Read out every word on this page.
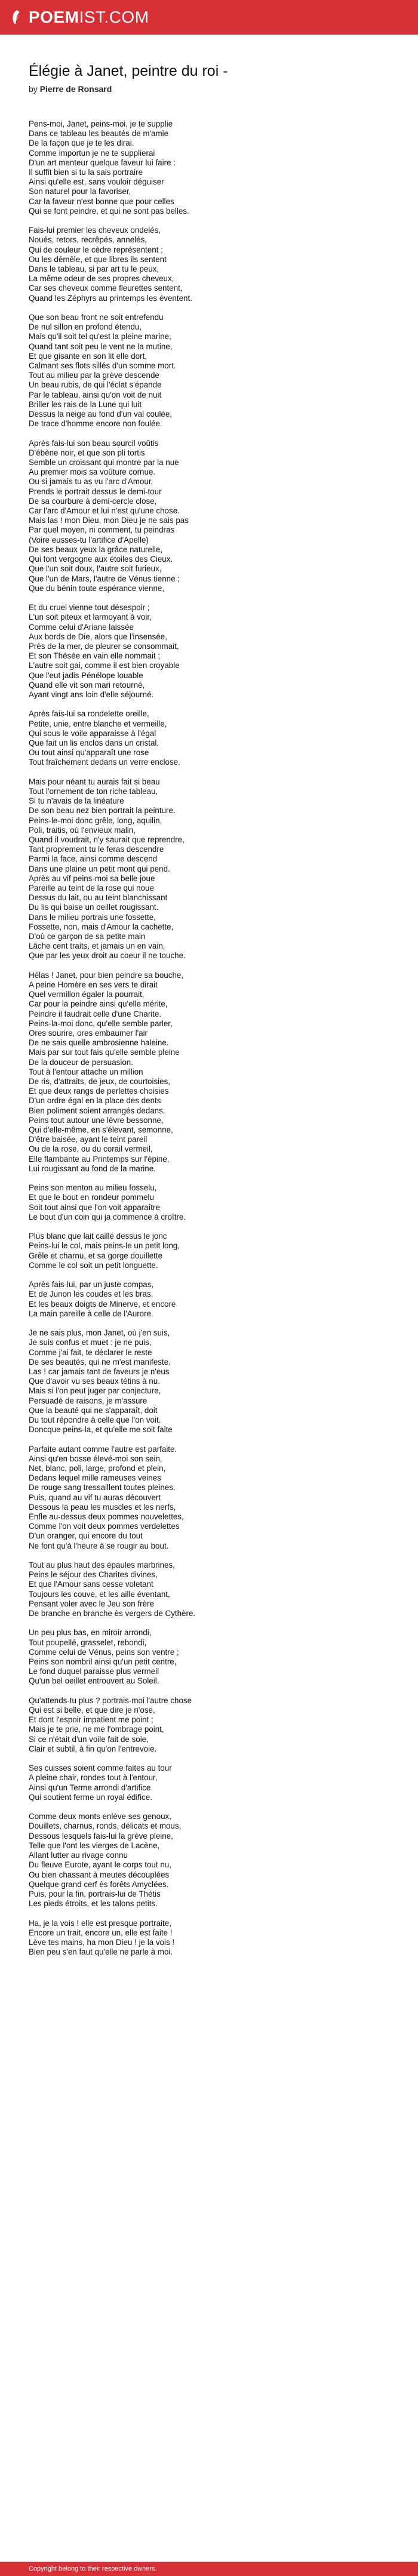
POEMIST.COM
Élégie à Janet, peintre du roi -
by Pierre de Ronsard
Pens-moi, Janet, peins-moi, je te supplie
Dans ce tableau les beautés de m'amie
De la façon que je te les dirai.
Comme importun je ne te supplierai
D'un art menteur quelque faveur lui faire :
Il suffit bien si tu la sais portraire
Ainsi qu'elle est, sans vouloir déguiser
Son naturel pour la favoriser,
Car la faveur n'est bonne que pour celles
Qui se font peindre, et qui ne sont pas belles.
Fais-lui premier les cheveux ondelés,
Noués, retors, recrêpés, annelés,
Qui de couleur le cèdre représentent ;
Ou les démêle, et que libres ils sentent
Dans le tableau, si par art tu le peux,
La même odeur de ses propres cheveux,
Car ses cheveux comme fleurettes sentent,
Quand les Zéphyrs au printemps les éventent.
Que son beau front ne soit entrefendu
De nul sillon en profond étendu,
Mais qu'il soit tel qu'est la pleine marine,
Quand tant soit peu le vent ne la mutine,
Et que gisante en son lit elle dort,
Calmant ses flots sillés d'un somme mort.
Tout au milieu par la grève descende
Un beau rubis, de qui l'éclat s'épande
Par le tableau, ainsi qu'on voit de nuit
Briller les rais de la Lune qui luit
Dessus la neige au fond d'un val coulée,
De trace d'homme encore non foulée.
Après fais-lui son beau sourcil voûtis
D'ébène noir, et que son pli tortis
Semble un croissant qui montre par la nue
Au premier mois sa voûture cornue.
Ou si jamais tu as vu l'arc d'Amour,
Prends le portrait dessus le demi-tour
De sa courbure à demi-cercle close,
Car l'arc d'Amour et lui n'est qu'une chose.
Mais las ! mon Dieu, mon Dieu je ne sais pas
Par quel moyen, ni comment, tu peindras
(Voire eusses-tu l'artifice d'Apelle)
De ses beaux yeux la grâce naturelle,
Qui font vergogne aux étoiles des Cieux.
Que l'un soit doux, l'autre soit furieux,
Que l'un de Mars, l'autre de Vénus tienne ;
Que du bénin toute espérance vienne,
Et du cruel vienne tout désespoir ;
L'un soit piteux et larmoyant à voir,
Comme celui d'Ariane laissée
Aux bords de Die, alors que l'insensée,
Près de la mer, de pleurer se consommait,
Et son Thésée en vain elle nommait ;
L'autre soit gai, comme il est bien croyable
Que l'eut jadis Pénélope louable
Quand elle vit son mari retourné,
Ayant vingt ans loin d'elle séjourné.
Après fais-lui sa rondelette oreille,
Petite, unie, entre blanche et vermeille,
Qui sous le voile apparaisse à l'égal
Que fait un lis enclos dans un cristal,
Ou tout ainsi qu'apparaît une rose
Tout fraîchement dedans un verre enclose.
Mais pour néant tu aurais fait si beau
Tout l'ornement de ton riche tableau,
Si tu n'avais de la linéature
De son beau nez bien portrait la peinture.
Peins-le-moi donc grêle, long, aquilin,
Poli, traitis, où l'envieux malin,
Quand il voudrait, n'y saurait que reprendre,
Tant proprement tu le feras descendre
Parmi la face, ainsi comme descend
Dans une plaine un petit mont qui pend.
Après au vif peins-moi sa belle joue
Pareille au teint de la rose qui noue
Dessus du lait, ou au teint blanchissant
Du lis qui baise un oeillet rougissant.
Dans le milieu portrais une fossette,
Fossette, non, mais d'Amour la cachette,
D'où ce garçon de sa petite main
Lâche cent traits, et jamais un en vain,
Que par les yeux droit au coeur il ne touche.
Hélas ! Janet, pour bien peindre sa bouche,
A peine Homère en ses vers te dirait
Quel vermillon égaler la pourrait,
Car pour la peindre ainsi qu'elle mérite,
Peindre il faudrait celle d'une Charite.
Peins-la-moi donc, qu'elle semble parler,
Ores sourire, ores embaumer l'air
De ne sais quelle ambrosienne haleine.
Mais par sur tout fais qu'elle semble pleine
De la douceur de persuasion.
Tout à l'entour attache un million
De ris, d'attraits, de jeux, de courtoisies,
Et que deux rangs de perlettes choisies
D'un ordre égal en la place des dents
Bien poliment soient arrangés dedans.
Peins tout autour une lèvre bessonne,
Qui d'elle-même, en s'élevant, semonne,
D'être baisée, ayant le teint pareil
Ou de la rose, ou du corail vermeil,
Elle flambante au Printemps sur l'épine,
Lui rougissant au fond de la marine.
Peins son menton au milieu fosselu,
Et que le bout en rondeur pommelu
Soit tout ainsi que l'on voit apparaître
Le bout d'un coin qui ja commence à croître.
Plus blanc que lait caillé dessus le jonc
Peins-lui le col, mais peins-le un petit long,
Grêle et charnu, et sa gorge douillette
Comme le col soit un petit longuette.
Après fais-lui, par un juste compas,
Et de Junon les coudes et les bras,
Et les beaux doigts de Minerve, et encore
La main pareille à celle de l'Aurore.
Je ne sais plus, mon Janet, où j'en suis,
Je suis confus et muet : je ne puis,
Comme j'ai fait, te déclarer le reste
De ses beautés, qui ne m'est manifeste.
Las ! car jamais tant de faveurs je n'eus
Que d'avoir vu ses beaux tétins à nu.
Mais si l'on peut juger par conjecture,
Persuadé de raisons, je m'assure
Que la beauté qui ne s'apparaît, doit
Du tout répondre à celle que l'on voit.
Doncque peins-la, et qu'elle me soit faite
Parfaite autant comme l'autre est parfaite.
Ainsi qu'en bosse élevé-moi son sein,
Net, blanc, poli, large, profond et plein,
Dedans lequel mille rameuses veines
De rouge sang tressaillent toutes pleines.
Puis, quand au vif tu auras découvert
Dessous la peau les muscles et les nerfs,
Enfle au-dessus deux pommes nouvelettes,
Comme l'on voit deux pommes verdelettes
D'un oranger, qui encore du tout
Ne font qu'à l'heure à se rougir au bout.
Tout au plus haut des épaules marbrines,
Peins le séjour des Charites divines,
Et que l'Amour sans cesse voletant
Toujours les couve, et les aille éventant,
Pensant voler avec le Jeu son frère
De branche en branche ès vergers de Cythère.
Un peu plus bas, en miroir arrondi,
Tout poupellé, grasselet, rebondi,
Comme celui de Vénus, peins son ventre ;
Peins son nombril ainsi qu'un petit centre,
Le fond duquel paraisse plus vermeil
Qu'un bel oeillet entrouvert au Soleil.
Qu'attends-tu plus ? portrais-moi l'autre chose
Qui est si belle, et que dire je n'ose,
Et dont l'espoir impatient me point ;
Mais je te prie, ne me l'ombrage point,
Si ce n'était d'un voile fait de soie,
Clair et subtil, à fin qu'on l'entrevoie.
Ses cuisses soient comme faites au tour
A pleine chair, rondes tout à l'entour,
Ainsi qu'un Terme arrondi d'artifice
Qui soutient ferme un royal édifice.
Comme deux monts enlève ses genoux,
Douillets, charnus, ronds, délicats et mous,
Dessous lesquels fais-lui la grève pleine,
Telle que l'ont les vierges de Lacène,
Allant lutter au rivage connu
Du fleuve Eurote, ayant le corps tout nu,
Ou bien chassant à meutes découplées
Quelque grand cerf ès forêts Amyclées.
Puis, pour la fin, portrais-lui de Thétis
Les pieds étroits, et les talons petits.
Ha, je la vois ! elle est presque portraite,
Encore un trait, encore un, elle est faite !
Lève tes mains, ha mon Dieu ! je la vois !
Bien peu s'en faut qu'elle ne parle à moi.
Copyright belong to their respective owners.
